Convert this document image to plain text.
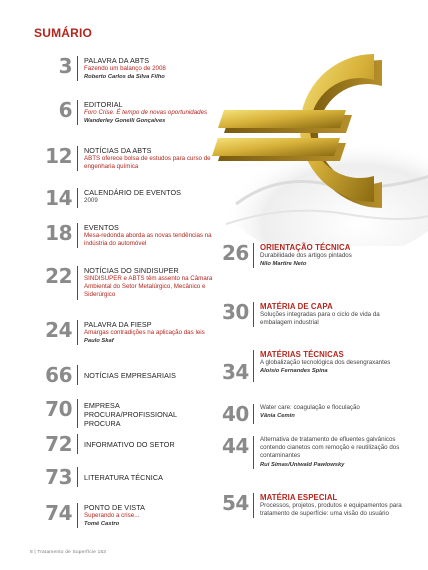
SUMÁRIO
3 PALAVRA DA ABTS
Fazendo um balanço de 2008
Roberto Carlos da Silva Filho
6 EDITORIAL
Foro Crise. É tempo de novas oportunidades
Wanderley Gonelli Gonçalves
12 NOTÍCIAS DA ABTS
ABTS oferece bolsa de estudos para curso de engenharia química
14 CALENDÁRIO DE EVENTOS
2009
18 EVENTOS
Mesa-redonda aborda as novas tendências na indústria do automóvel
22 NOTÍCIAS DO SINDISUPER
SINDISUPER e ABTS têm assento na Câmara Ambiental do Setor Metalúrgico, Mecânico e Siderúrgico
24 PALAVRA DA FIESP
Amargas contradições na aplicação das leis
Paulo Skaf
66 NOTÍCIAS EMPRESARIAIS
70 EMPRESA PROCURA/PROFISSIONAL PROCURA
72 INFORMATIVO DO SETOR
73 LITERATURA TÉCNICA
74 PONTO DE VISTA
Superando a crise...
Tomé Castro
26 ORIENTAÇÃO TÉCNICA
Durabilidade dos artigos pintados
Nilo Martire Neto
30 MATÉRIA DE CAPA
Soluções integradas para o ciclo de vida da embalagem industrial
34
MATÉRIAS TÉCNICAS
A globalização tecnológica dos desengraxantes
Aloisio Fernandes Spina
40 Water care: coagulação e floculação
Vânia Cemin
44 Alternativa de tratamento de efluentes galvânicos contendo cianetos com remoção e reutilização dos contaminantes
Rui Simas/Uniwald Pawlowsky
54 MATÉRIA ESPECIAL
Processos, projetos, produtos e equipamentos para tratamento de superfície: uma visão do usuário
8 | Tratamento de Superfície 153
